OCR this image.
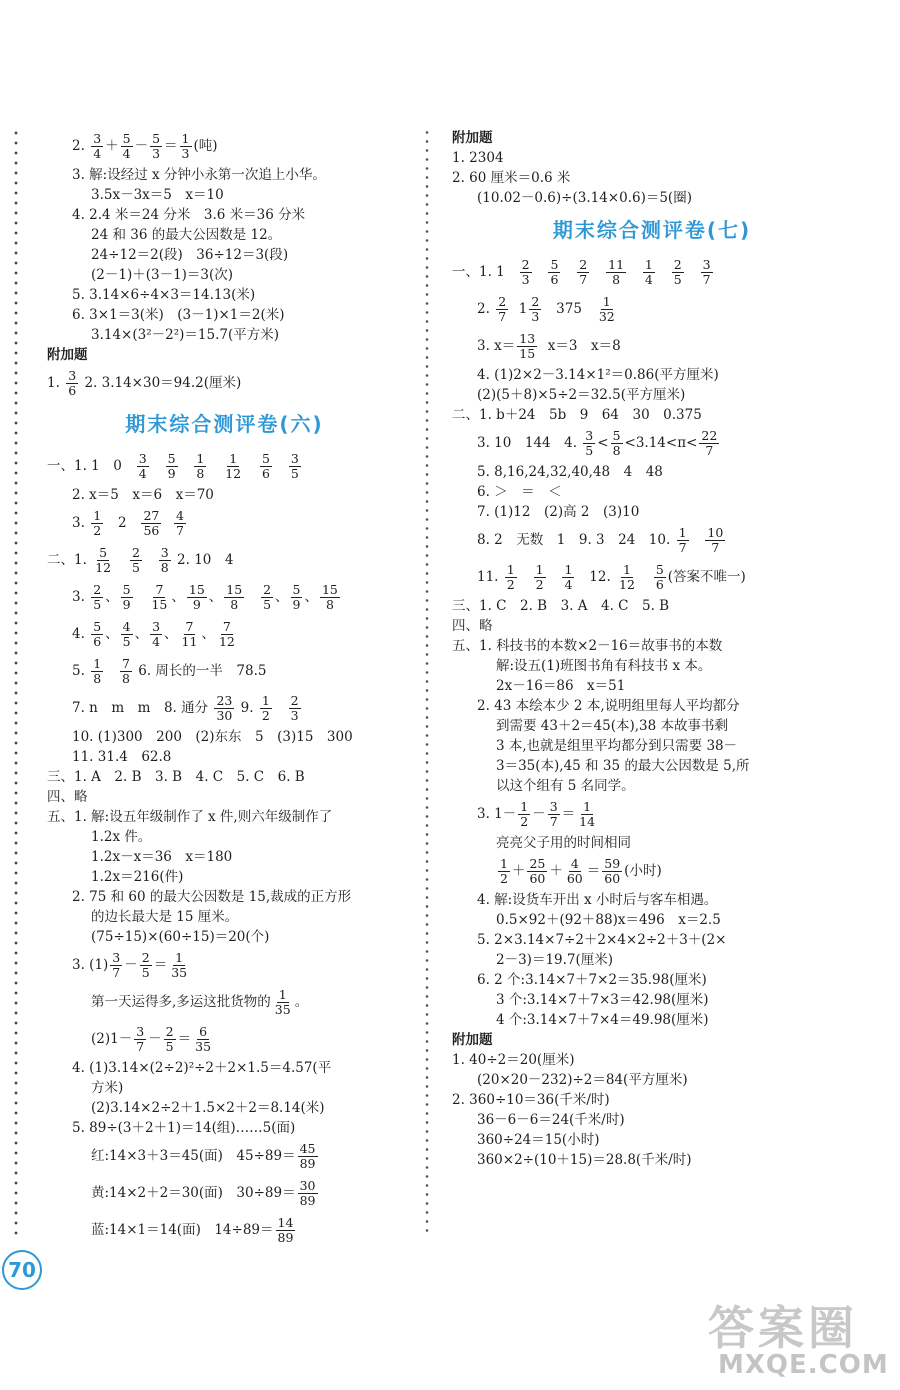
2. $\frac{3}{4} + \frac{5}{4} - \frac{5}{3} = \frac{1}{3}$ (吨)
3. 解:设经过 x 分钟小永第一次追上小华。
3.5x－3x＝5　x＝10
4. 2.4 米＝24 分米　3.6 米＝36 分米
24 和 36 的最大公因数是 12。
24÷12＝2(段)　36÷12＝3(段)
(2－1)＋(3－1)＝3(次)
5. 3.14×6÷4×3＝14.13(米)
6. 3×1＝3(米)　(3－1)×1＝2(米)
3.14×(3²－2²)＝15.7(平方米)
附加题
1. $\frac{3}{6} 2$. 3.14×30＝94.2(厘米)
期末综合测评卷(六)
一、1. 1　$0 \frac{3}{4}$
$\frac{5}{9}$
$\frac{1}{8}$
$\frac{1}{12}$
$\frac{5}{6}$
$\frac{3}{5}$
2. x＝5　x＝6　x＝70
3. $\frac{1}{2} 2 \frac{27}{56}$
$\frac{4}{7}$
二、1. $\frac{5}{12}$
$\frac{2}{5}$
$\frac{3}{8} 2$. 10　4
3. $\frac{2}{5}$ 、 $\frac{5}{9}$
$\frac{7}{15}$ 、 $\frac{15}{9}$ 、 $\frac{15}{8}$
$\frac{2}{5}$ 、 $\frac{5}{9}$ 、 $\frac{15}{8}$
4. $\frac{5}{6}$ 、 $\frac{4}{5}$ 、 $\frac{3}{4}$ 、 $\frac{7}{11}$ 、 $\frac{7}{12}$
5. $\frac{1}{8}$
$\frac{7}{8} 6$. 周长的一半　78.5
7. n　m　m　8. 通分 $\frac{23}{30} 9$. $\frac{1}{2}$
$\frac{2}{3}$
10. (1)300　200　(2)东东　5　(3)15　300
11. 31.4　62.8
三、1. A　2. B　3. B　4. C　5. C　6. B
四、略
五、1. 解:设五年级制作了 x 件,则六年级制作了
1.2x 件。
1.2x－x＝36　x＝180
1.2x＝216(件)
2. 75 和 60 的最大公因数是 15,裁成的正方形
的边长最大是 15 厘米。
(75÷15)×(60÷15)＝20(个)
3. $(1) \frac{3}{7} - \frac{2}{5} = \frac{1}{35}$
第一天运得多,多运这批货物的 $\frac{1}{35}$ 。
$(2)1- \frac{3}{7} - \frac{2}{5} = \frac{6}{35}$
4. (1)3.14×(2÷2)²÷2＋2×1.5＝4.57(平
方米)
(2)3.14×2÷2＋1.5×2＋2＝8.14(米)
5. 89÷(3＋2＋1)＝14(组)……5(面)
红:14×3＋3＝45(面)　$45\div 89= \frac{45}{89}$
黄:14×2＋2＝30(面)　$30\div 89= \frac{30}{89}$
蓝:14×1＝14(面)　$14\div 89= \frac{14}{89}$
附加题
1. 2304
2. 60 厘米＝0.6 米
(10.02－0.6)÷(3.14×0.6)＝5(圈)
期末综合测评卷(七)
一、1. $1 \frac{2}{3}$
$\frac{5}{6}$
$\frac{2}{7}$
$\frac{11}{8}$
$\frac{1}{4}$
$\frac{2}{5}$
$\frac{3}{7}$
2. $\frac{2}{7} 1 \frac{2}{3} 375 \frac{1}{32}$
3. $x= \frac{13}{15} x=3$　x＝8
4. (1)2×2－3.14×1²＝0.86(平方厘米)
(2)(5＋8)×5÷2＝32.5(平方厘米)
二、1. b＋24　5b　9　64　30　0.375
3. 10　144　4. $\frac{3}{5} < \frac{5}{8} <3.14<\pi< \frac{22}{7}$
5. 8,16,24,32,40,48　4　48
6. ＞　＝　＜
7. (1)12　(2)高 2　(3)10
8. 2　无数　1　9. 3　24　10. $\frac{1}{7}$
$\frac{10}{7}$
11. $\frac{1}{2}$
$\frac{1}{2}$
$\frac{1}{4} 12$. $\frac{1}{12}$
$\frac{5}{6}$ (答案不唯一)
三、1. C　2. B　3. A　4. C　5. B
四、略
五、1. 科技书的本数×2－16＝故事书的本数
解:设五(1)班图书角有科技书 x 本。
2x－16＝86　x＝51
2. 43 本绘本少 2 本,说明组里每人平均都分
到需要 43＋2＝45(本),38 本故事书剩
3 本,也就是组里平均都分到只需要 38－
3＝35(本),45 和 35 的最大公因数是 5,所
以这个组有 5 名同学。
3. $1- \frac{1}{2} - \frac{3}{7} = \frac{1}{14}$
亮亮父子用的时间相同
$\frac{1}{2} + \frac{25}{60} + \frac{4}{60} = \frac{59}{60}$ (小时)
4. 解:设货车开出 x 小时后与客车相遇。
0.5×92＋(92＋88)x＝496　x＝2.5
5. 2×3.14×7÷2＋2×4×2÷2＋3＋(2×
2－3)＝19.7(厘米)
6. 2 个:3.14×7＋7×2＝35.98(厘米)
3 个:3.14×7＋7×3＝42.98(厘米)
4 个:3.14×7＋7×4＝49.98(厘米)
附加题
1. 40÷2＝20(厘米)
(20×20－232)÷2＝84(平方厘米)
2. 360÷10＝36(千米/时)
36－6－6＝24(千米/时)
360÷24＝15(小时)
360×2÷(10＋15)＝28.8(千米/时)
70
答案圈
MXQE.COM
